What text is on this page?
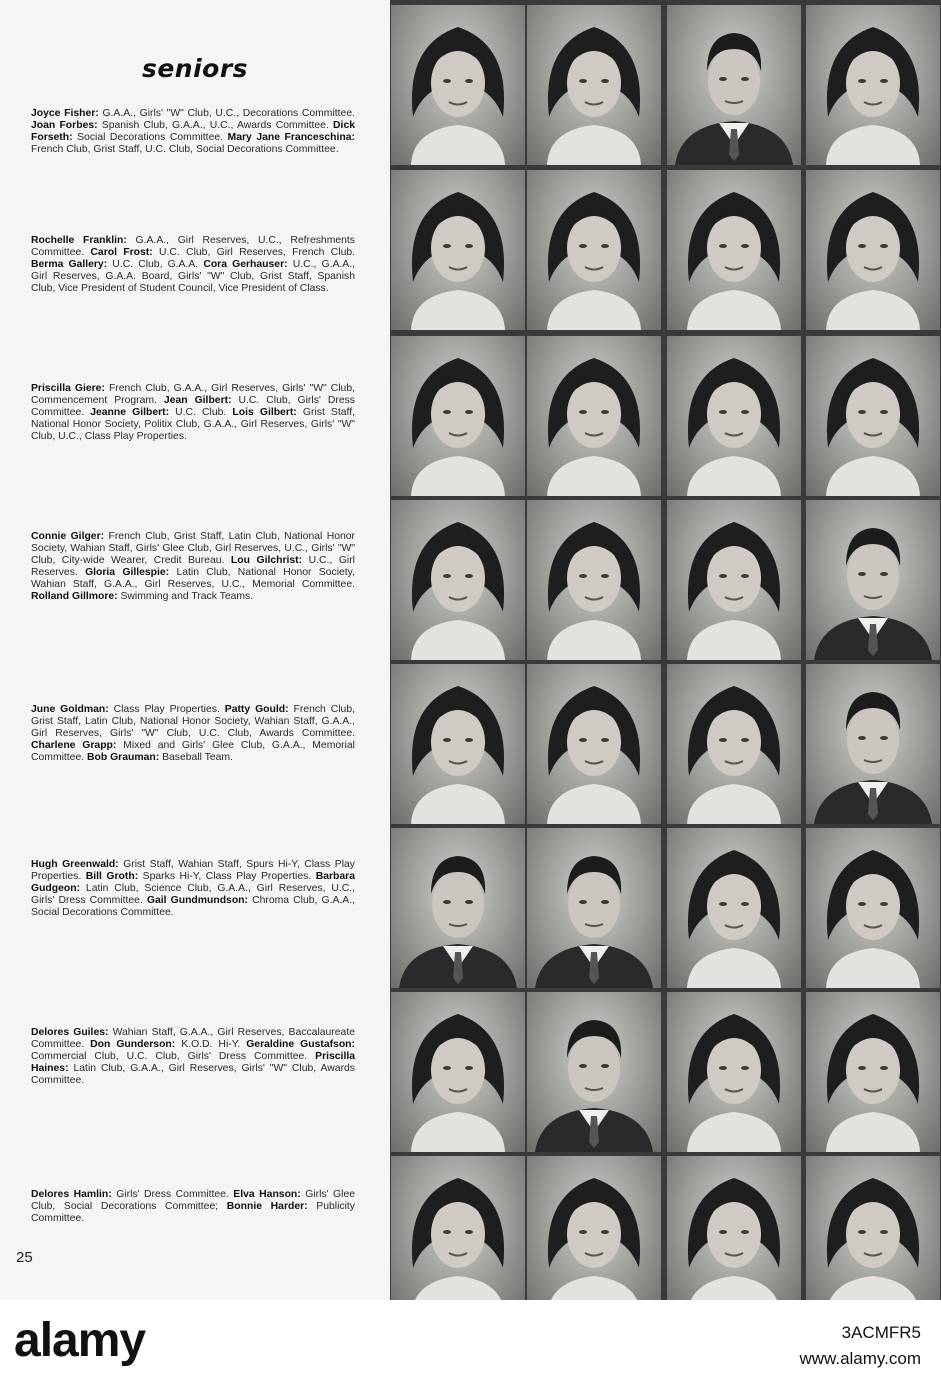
seniors
Joyce Fisher: G.A.A., Girls' "W" Club, U.C., Decorations Committee. Joan Forbes: Spanish Club, G.A.A., U.C., Awards Committee. Dick Forseth: Social Decorations Committee. Mary Jane Franceschina: French Club, Grist Staff, U.C. Club, Social Decorations Committee.
Rochelle Franklin: G.A.A., Girl Reserves, U.C., Refreshments Committee. Carol Frost: U.C. Club, Girl Reserves, French Club. Berma Gallery: U.C. Club, G.A.A. Cora Gerhauser: U.C., G.A.A., Girl Reserves, G.A.A. Board, Girls' "W" Club, Grist Staff, Spanish Club, Vice President of Student Council, Vice President of Class.
Priscilla Giere: French Club, G.A.A., Girl Reserves, Girls' "W" Club, Commencement Program. Jean Gilbert: U.C. Club, Girls' Dress Committee. Jeanne Gilbert: U.C. Club. Lois Gilbert: Grist Staff, National Honor Society, Politix Club, G.A.A., Girl Reserves, Girls' "W" Club, U.C., Class Play Properties.
Connie Gilger: French Club, Grist Staff, Latin Club, National Honor Society, Wahian Staff, Girls' Glee Club, Girl Reserves, U.C., Girls' "W" Club, City-wide Wearer, Credit Bureau. Lou Gilchrist: U.C., Girl Reserves. Gloria Gillespie: Latin Club, National Honor Society, Wahian Staff, G.A.A., Girl Reserves, U.C., Memorial Committee. Rolland Gillmore: Swimming and Track Teams.
June Goldman: Class Play Properties. Patty Gould: French Club, Grist Staff, Latin Club, National Honor Society, Wahian Staff, G.A.A., Girl Reserves, Girls' "W" Club, U.C. Club, Awards Committee. Charlene Grapp: Mixed and Girls' Glee Club, G.A.A., Memorial Committee. Bob Grauman: Baseball Team.
Hugh Greenwald: Grist Staff, Wahian Staff, Spurs Hi-Y, Class Play Properties. Bill Groth: Sparks Hi-Y, Class Play Properties. Barbara Gudgeon: Latin Club, Science Club, G.A.A., Girl Reserves, U.C., Girls' Dress Committee. Gail Gundmundson: Chroma Club, G.A.A., Social Decorations Committee.
Delores Guiles: Wahian Staff, G.A.A., Girl Reserves, Baccalaureate Committee. Don Gunderson: K.O.D. Hi-Y. Geraldine Gustafson: Commercial Club, U.C. Club, Girls' Dress Committee. Priscilla Haines: Latin Club, G.A.A., Girl Reserves, Girls' "W" Club, Awards Committee.
Delores Hamlin: Girls' Dress Committee. Elva Hanson: Girls' Glee Club, Social Decorations Committee; Bonnie Harder: Publicity Committee.
25
alamy	3ACMFR5
www.alamy.com
